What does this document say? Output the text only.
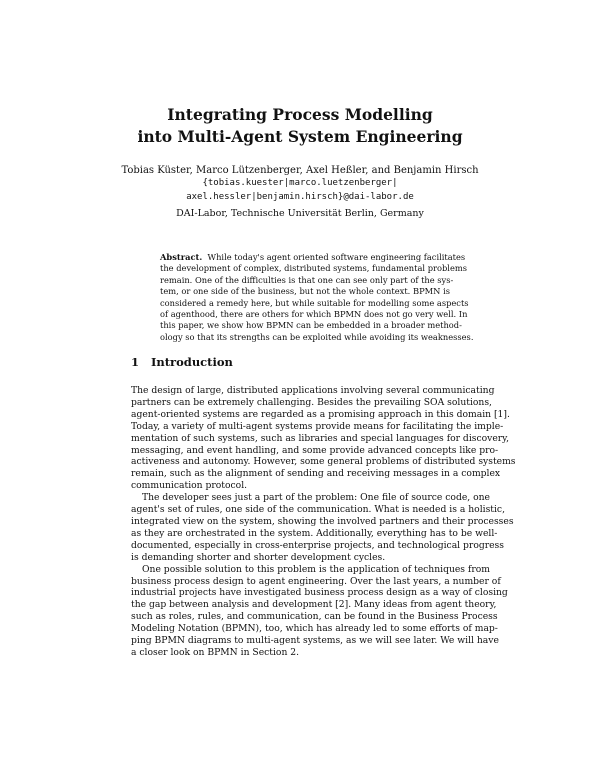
Integrating Process Modelling
into Multi-Agent System Engineering
Tobias Küster, Marco Lützenberger, Axel Heßler, and Benjamin Hirsch
{tobias.kuester|marco.luetzenberger|
axel.hessler|benjamin.hirsch}@dai-labor.de
DAI-Labor, Technische Universität Berlin, Germany
Abstract. While today's agent oriented software engineering facilitates
the development of complex, distributed systems, fundamental problems
remain. One of the difficulties is that one can see only part of the sys-
tem, or one side of the business, but not the whole context. BPMN is
considered a remedy here, but while suitable for modelling some aspects
of agenthood, there are others for which BPMN does not go very well. In
this paper, we show how BPMN can be embedded in a broader method-
ology so that its strengths can be exploited while avoiding its weaknesses.
1 Introduction
The design of large, distributed applications involving several communicating
partners can be extremely challenging. Besides the prevailing SOA solutions,
agent-oriented systems are regarded as a promising approach in this domain [1].
Today, a variety of multi-agent systems provide means for facilitating the imple-
mentation of such systems, such as libraries and special languages for discovery,
messaging, and event handling, and some provide advanced concepts like pro-
activeness and autonomy. However, some general problems of distributed systems
remain, such as the alignment of sending and receiving messages in a complex
communication protocol.
The developer sees just a part of the problem: One file of source code, one
agent's set of rules, one side of the communication. What is needed is a holistic,
integrated view on the system, showing the involved partners and their processes
as they are orchestrated in the system. Additionally, everything has to be well-
documented, especially in cross-enterprise projects, and technological progress
is demanding shorter and shorter development cycles.
One possible solution to this problem is the application of techniques from
business process design to agent engineering. Over the last years, a number of
industrial projects have investigated business process design as a way of closing
the gap between analysis and development [2]. Many ideas from agent theory,
such as roles, rules, and communication, can be found in the Business Process
Modeling Notation (BPMN), too, which has already led to some efforts of map-
ping BPMN diagrams to multi-agent systems, as we will see later. We will have
a closer look on BPMN in Section 2.
